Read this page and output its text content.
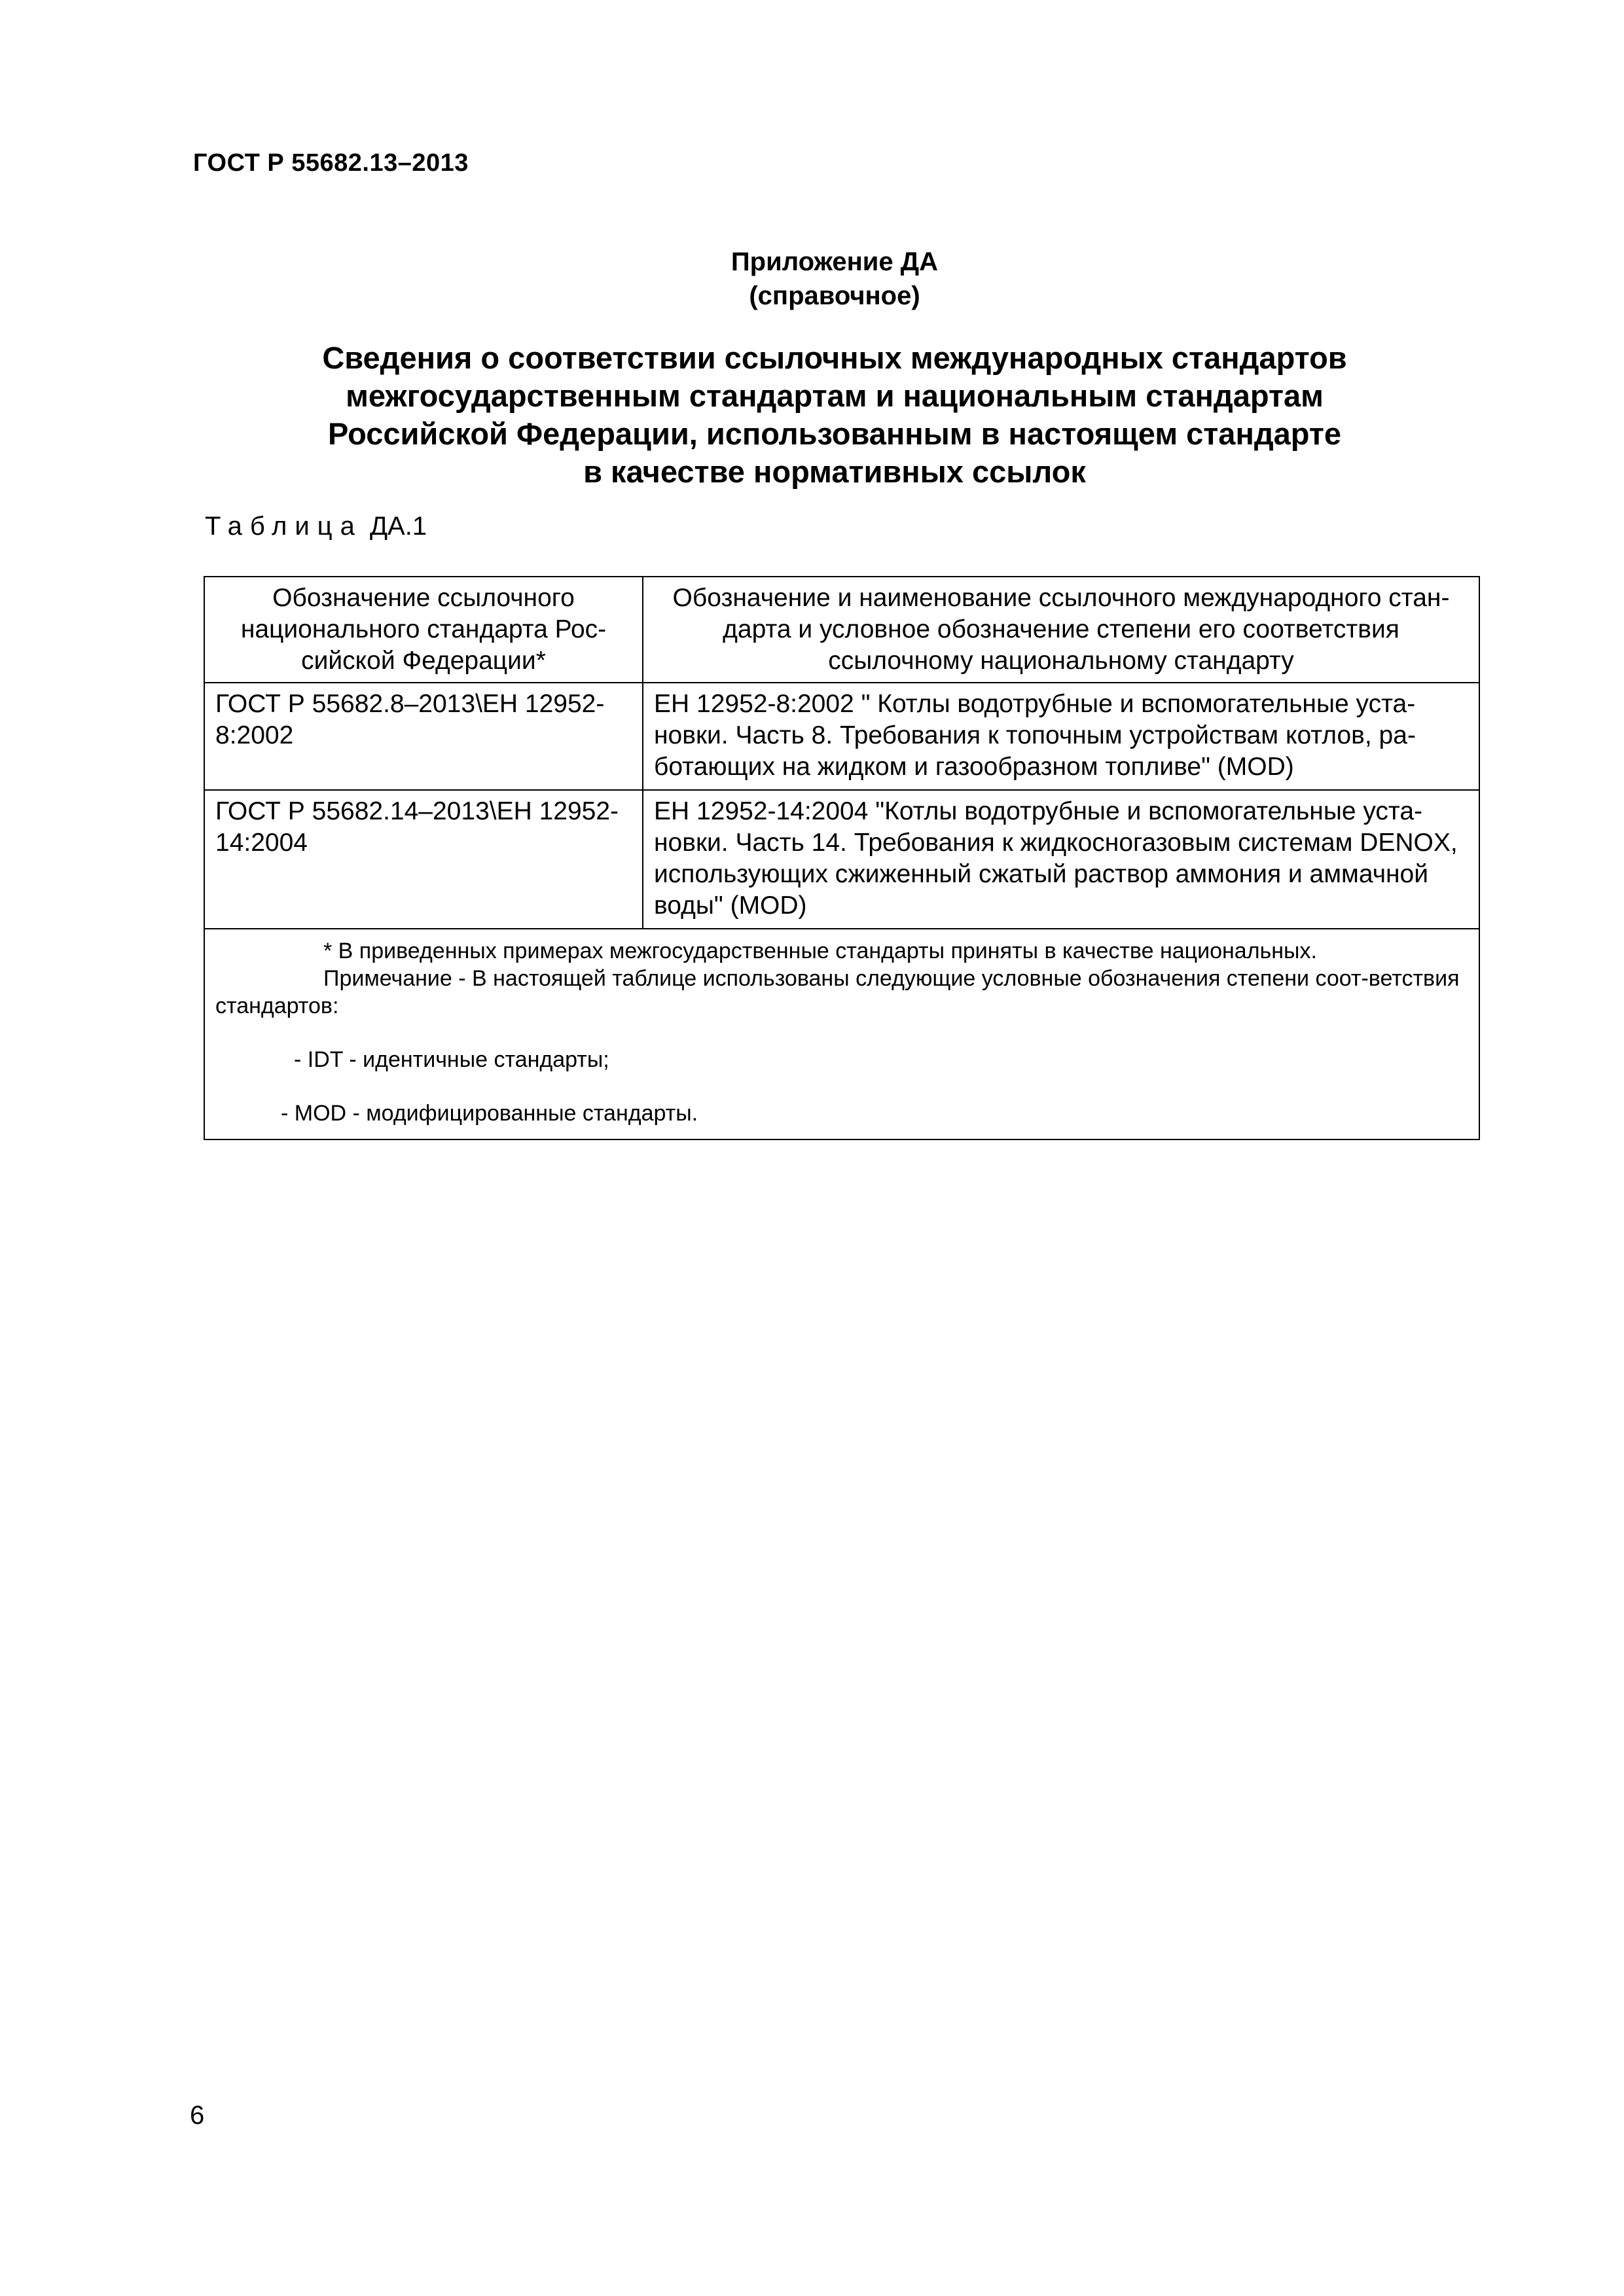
ГОСТ Р 55682.13–2013
Приложение ДА
(справочное)
Сведения о соответствии ссылочных международных стандартов
межгосударственным стандартам и национальным стандартам
Российской Федерации, использованным в настоящем стандарте
в качестве нормативных ссылок
Таблица ДА.1
Обозначение ссылочного национального стандарта Рос-сийской Федерации*	Обозначение и наименование ссылочного международного стан-дарта и условное обозначение степени его соответствия ссылочному национальному стандарту
ГОСТ Р 55682.8–2013\ЕН 12952-8:2002	ЕН 12952-8:2002 " Котлы водотрубные и вспомогательные уста-новки. Часть 8. Требования к топочным устройствам котлов, ра-ботающих на жидком и газообразном топливе" (MOD)
ГОСТ Р 55682.14–2013\ЕН 12952-14:2004	ЕН 12952-14:2004 "Котлы водотрубные и вспомогательные уста-новки. Часть 14. Требования к жидкосногазовым системам DENOX, использующих сжиженный сжатый раствор аммония и аммачной воды" (MOD)

* В приведенных примерах межгосударственные стандарты приняты в качестве национальных.
Примечание - В настоящей таблице использованы следующие условные обозначения степени соот-ветствия стандартов:
- IDT - идентичные стандарты;
- MOD - модифицированные стандарты.	
6
